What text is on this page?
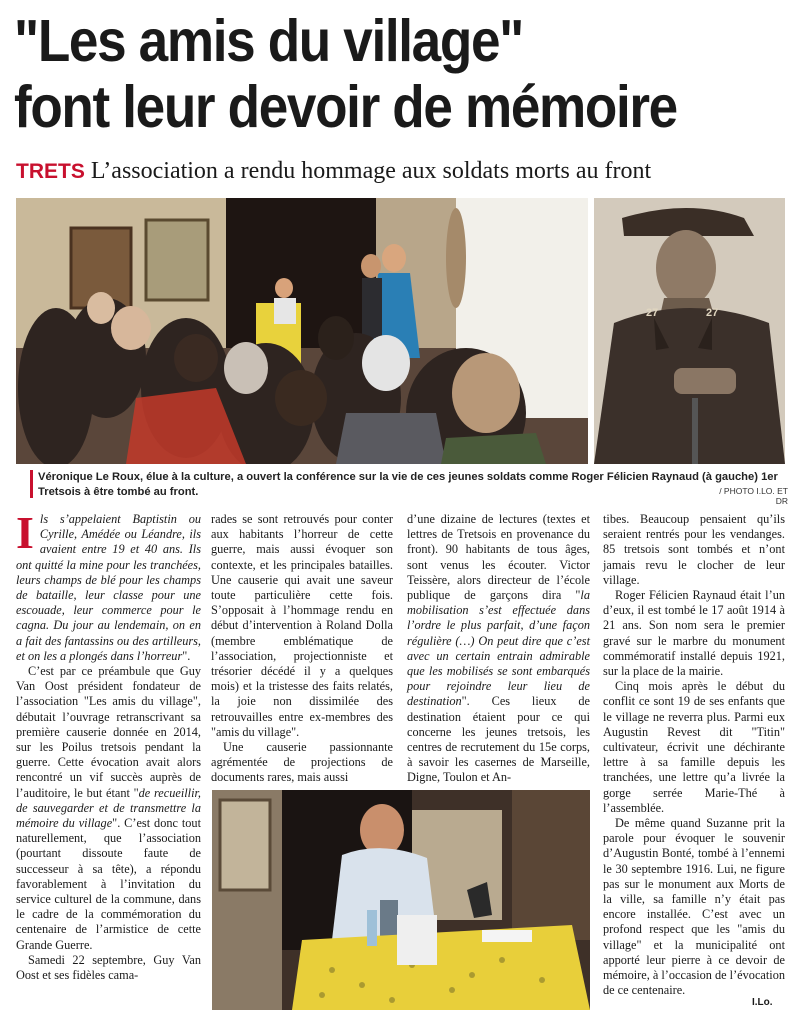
"Les amis du village"
font leur devoir de mémoire
TRETS L’association a rendu hommage aux soldats morts au front
27	27
Véronique Le Roux, élue à la culture, a ouvert la conférence sur la vie de ces jeunes soldats comme Roger Félicien Raynaud (à gauche) 1er Tretsois à être tombé au front.	/ PHOTO I.LO. ET DR

Ils s’appelaient Baptistin ou Cyrille, Amédée ou Léandre, ils avaient entre 19 et 40 ans. Ils ont quitté la mine pour les tranchées, leurs champs de blé pour les champs de bataille, leur classe pour une escouade, leur commerce pour le cagna. Du jour au lendemain, on en a fait des fantassins ou des artilleurs, et on les a plongés dans l’horreur".

C’est par ce préambule que Guy Van Oost président fondateur de l’association "Les amis du village", débutait l’ouvrage retranscrivant sa première causerie donnée en 2014, sur les Poilus tretsois pendant la guerre. Cette évocation avait alors rencontré un vif succès auprès de l’auditoire, le but étant "de recueillir, de sauvegarder et de transmettre la mémoire du village". C’est donc tout naturellement, que l’association (pourtant dissoute faute de successeur à sa tête), a répondu favorablement à l’invitation du service culturel de la commune, dans le cadre de la commémoration du centenaire de l’armistice de cette Grande Guerre.

Samedi 22 septembre, Guy Van Oost et ses fidèles cama-

rades se sont retrouvés pour conter aux habitants l’horreur de cette guerre, mais aussi évoquer son contexte, et les principales batailles. Une causerie qui avait une saveur toute particulière cette fois. S’opposait à l’hommage rendu en début d’intervention à Roland Dolla (membre emblématique de l’association, projectionniste et trésorier décédé il y a quelques mois) et la tristesse des faits relatés, la joie non dissimilée des retrouvailles entre ex-membres des "amis du village".

Une causerie passionnante agrémentée de projections de documents rares, mais aussi

d’une dizaine de lectures (textes et lettres de Tretsois en provenance du front). 90 habitants de tous âges, sont venus les écouter. Victor Teissère, alors directeur de l’école publique de garçons dira "la mobilisation s’est effectuée dans l’ordre le plus parfait, d’une façon régulière (…) On peut dire que c’est avec un certain entrain admirable que les mobilisés se sont embarqués pour rejoindre leur lieu de destination". Ces lieux de destination étaient pour ce qui concerne les jeunes tretsois, les centres de recrutement du 15e corps, à savoir les casernes de Marseille, Digne, Toulon et An-

tibes. Beaucoup pensaient qu’ils seraient rentrés pour les vendanges. 85 tretsois sont tombés et n’ont jamais revu le clocher de leur village.

Roger Félicien Raynaud était l’un d’eux, il est tombé le 17 août 1914 à 21 ans. Son nom sera le premier gravé sur le marbre du monument commémoratif installé depuis 1921, sur la place de la mairie.

Cinq mois après le début du conflit ce sont 19 de ses enfants que le village ne reverra plus. Parmi eux Augustin Revest dit "Titin" cultivateur, écrivit une déchirante lettre à sa famille depuis les tranchées, une lettre qu’a livrée la gorge serrée Marie-Thé à l’assemblée.

De même quand Suzanne prit la parole pour évoquer le souvenir d’Augustin Bonté, tombé à l’ennemi le 30 septembre 1916. Lui, ne figure pas sur le monument aux Morts de la ville, sa famille n’y était pas encore installée. C’est avec un profond respect que les "amis du village" et la municipalité ont apporté leur pierre à ce devoir de mémoire, à l’occasion de l’évocation de ce centenaire.

I.Lo.
